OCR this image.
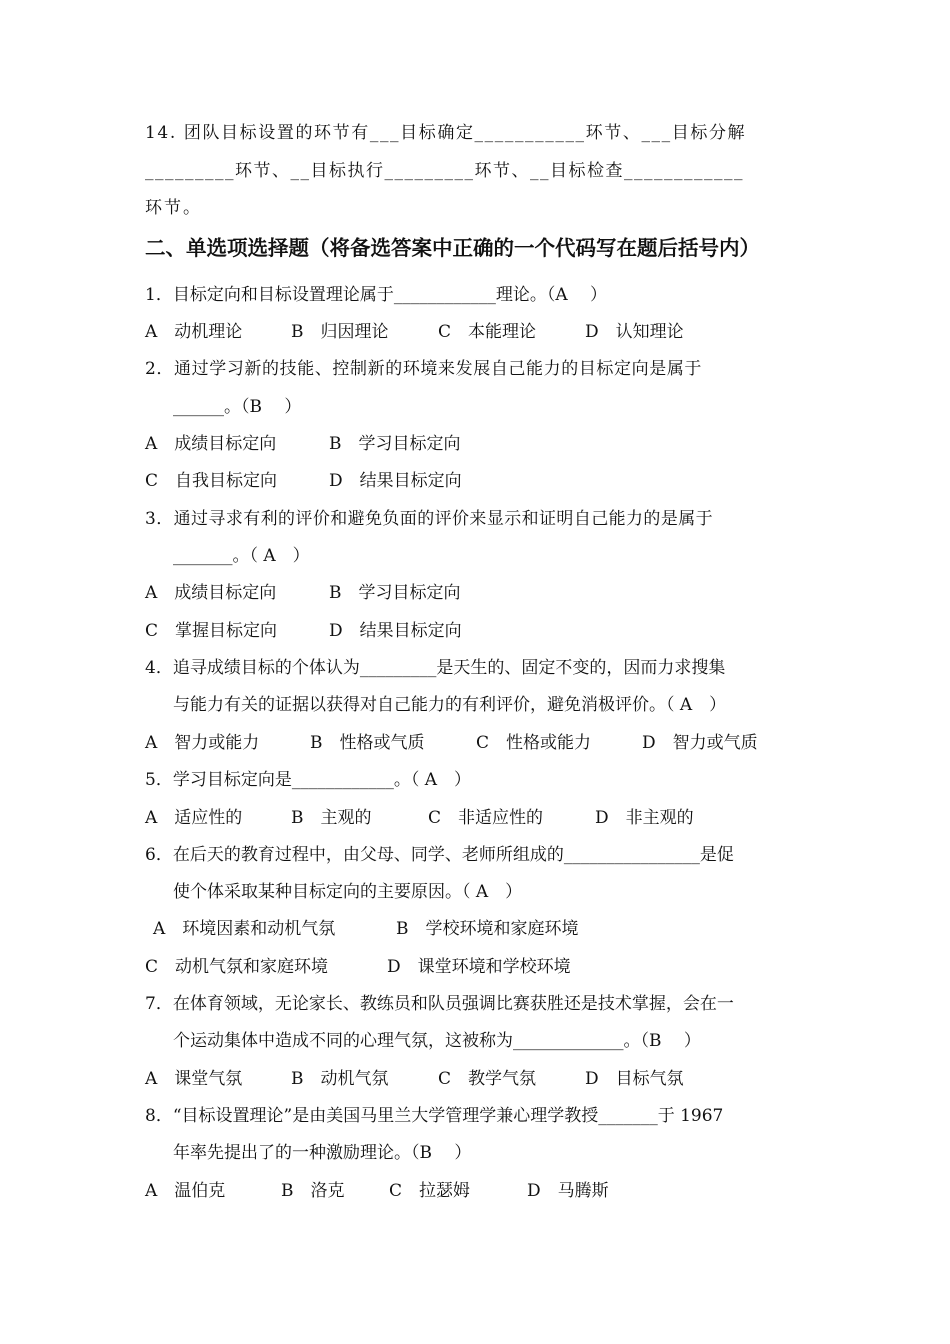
14. 团队目标设置的环节有___目标确定___________环节、___目标分解
_________环节、__目标执行_________环节、__目标检查____________
环节。
二、单选项选择题（将备选答案中正确的一个代码写在题后括号内）
1．目标定向和目标设置理论属于____________理论。（A　 ）
A　动机理论	B　归因理论	C　本能理论	D　认知理论
2．通过学习新的技能、控制新的环境来发展自己能力的目标定向是属于
______。（B　 ）
A　成绩目标定向	B　学习目标定向
C　自我目标定向	D　结果目标定向
3．通过寻求有利的评价和避免负面的评价来显示和证明自己能力的是属于
_______。（ A　）
A　成绩目标定向	B　学习目标定向
C　掌握目标定向	D　结果目标定向
4．追寻成绩目标的个体认为_________是天生的、固定不变的，因而力求搜集
与能力有关的证据以获得对自己能力的有利评价，避免消极评价。（ A　）
A　智力或能力	B　性格或气质	C　性格或能力	D　智力或气质
5．学习目标定向是____________。（ A　）
A　适应性的	B　主观的	C　非适应性的	D　非主观的
6．在后天的教育过程中，由父母、同学、老师所组成的________________是促
使个体采取某种目标定向的主要原因。（ A　）
A　环境因素和动机气氛	B　学校环境和家庭环境
C　动机气氛和家庭环境	D　课堂环境和学校环境
7．在体育领域，无论家长、教练员和队员强调比赛获胜还是技术掌握，会在一
个运动集体中造成不同的心理气氛，这被称为_____________。（B　 ）
A　课堂气氛	B　动机气氛	C　教学气氛	D　目标气氛
8．“目标设置理论”是由美国马里兰大学管理学兼心理学教授_______于 1967
年率先提出了的一种激励理论。（B　 ）
A　温伯克	B　洛克	C　拉瑟姆	D　马腾斯
